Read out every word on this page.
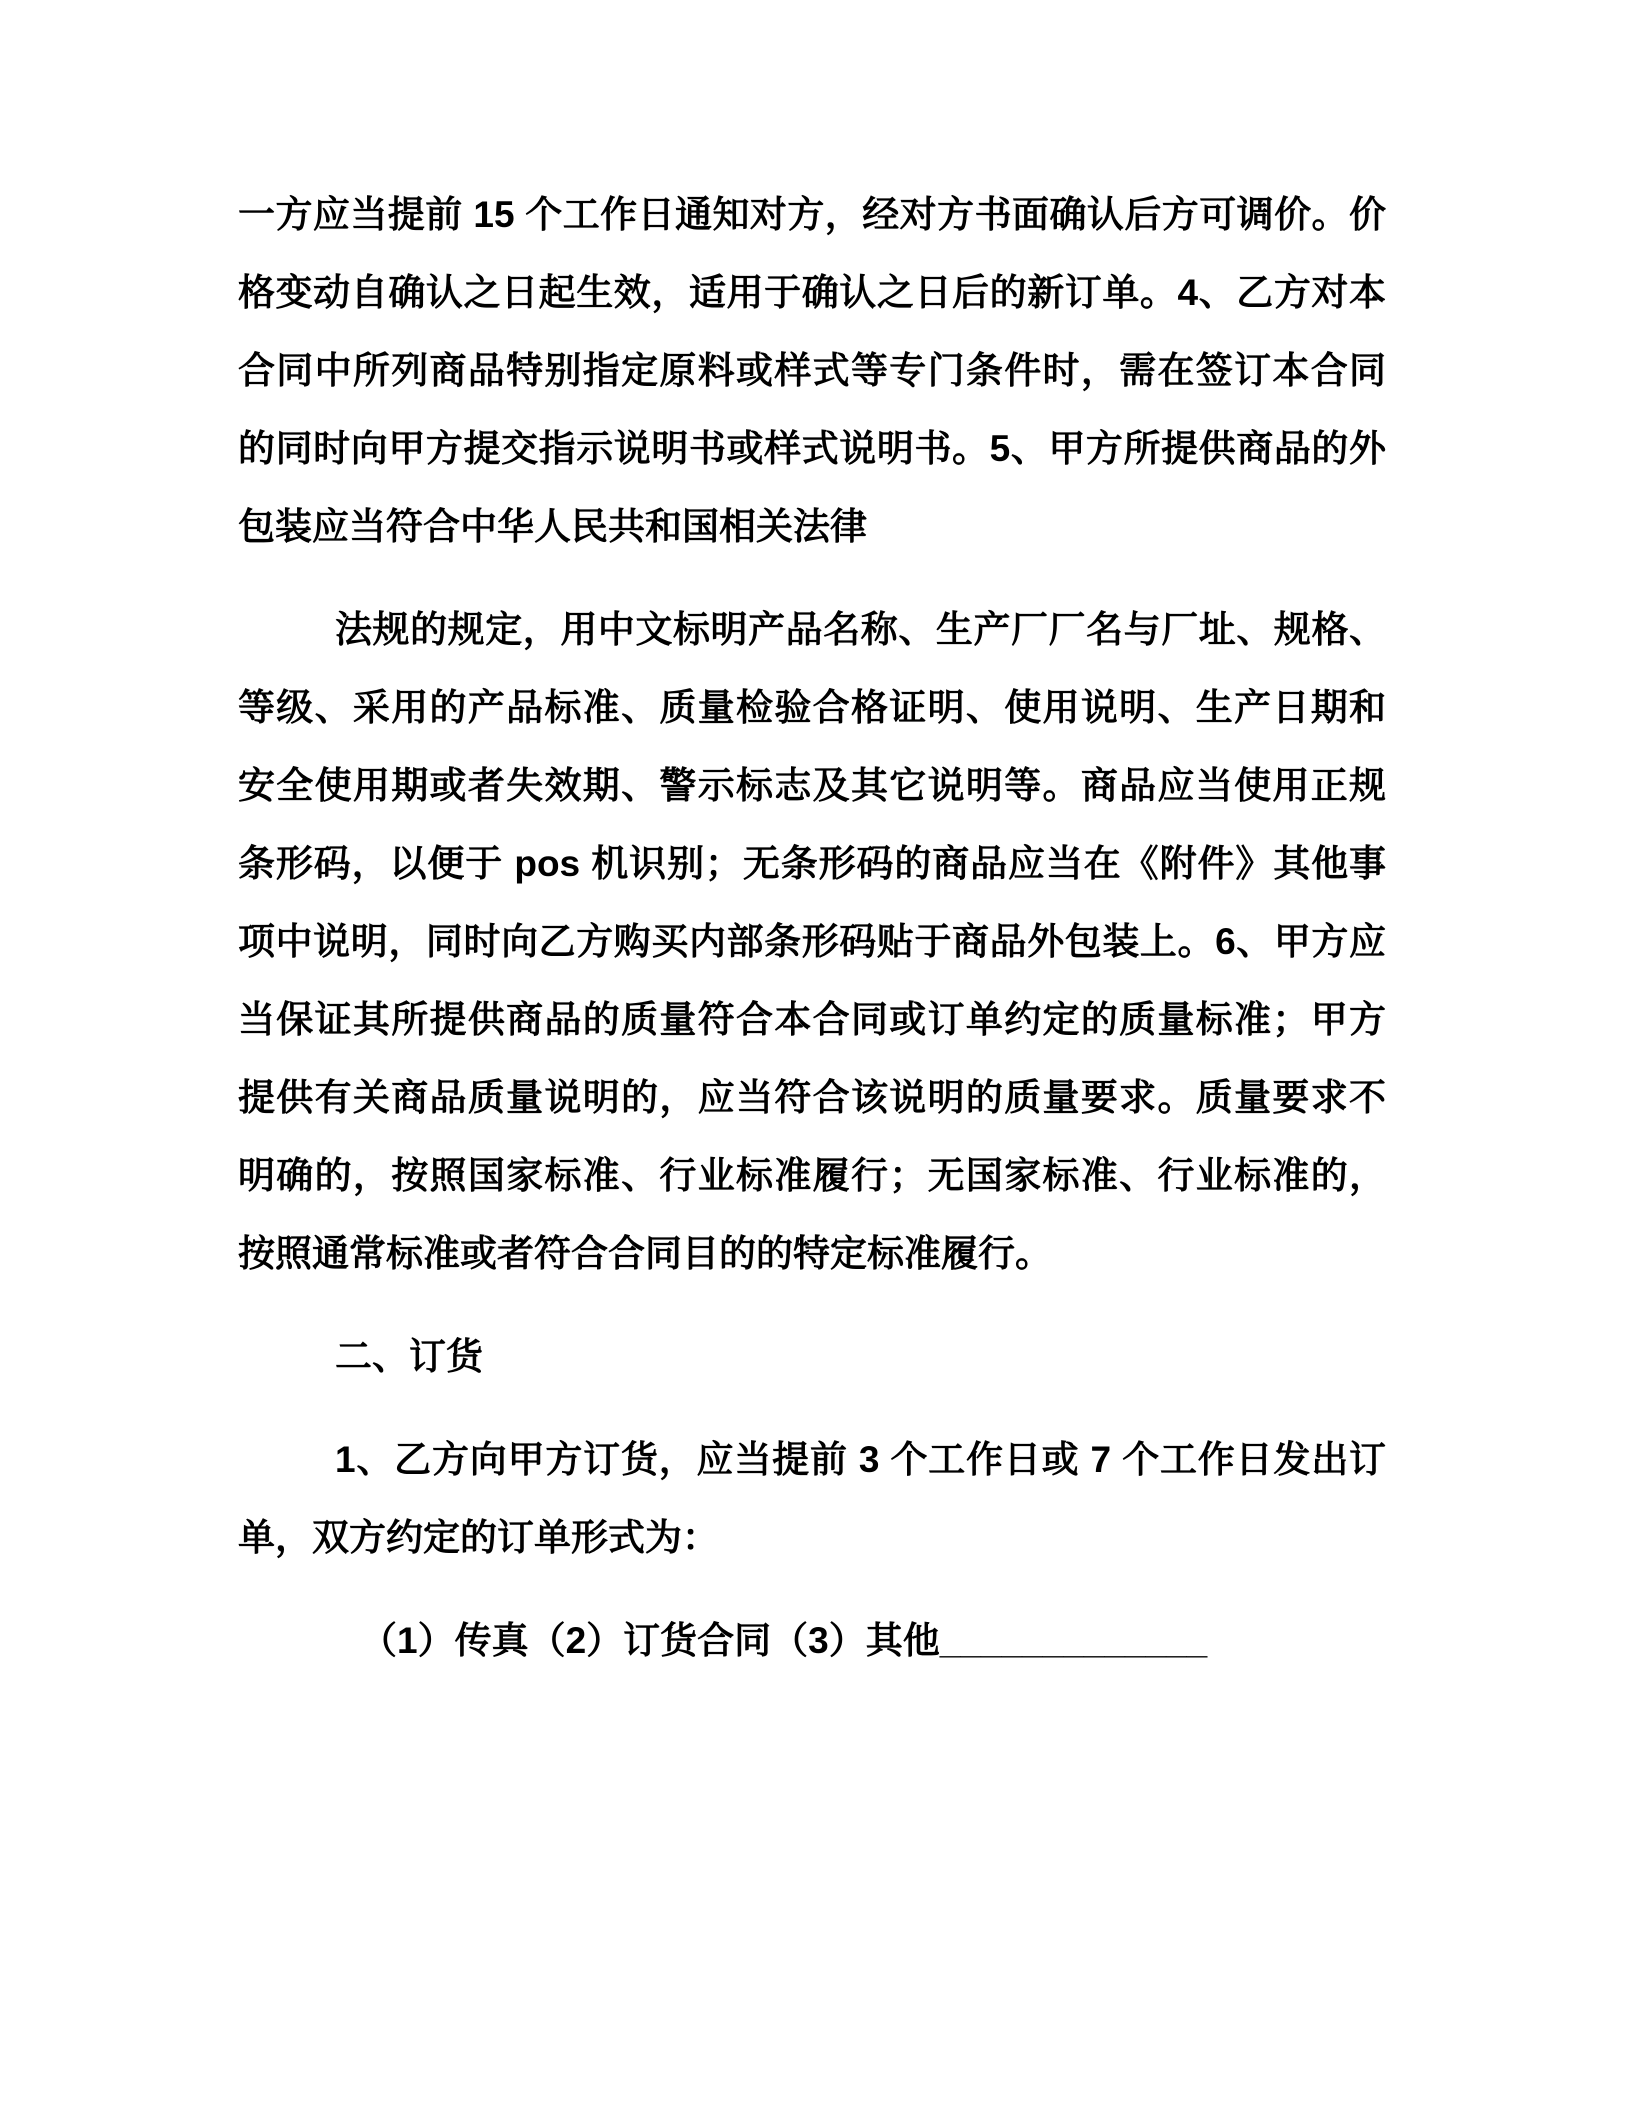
一方应当提前 15 个工作日通知对方，经对方书面确认后方可调价。价
格变动自确认之日起生效，适用于确认之日后的新订单。4、乙方对本
合同中所列商品特别指定原料或样式等专门条件时，需在签订本合同
的同时向甲方提交指示说明书或样式说明书。5、甲方所提供商品的外
包装应当符合中华人民共和国相关法律
法规的规定，用中文标明产品名称、生产厂厂名与厂址、规格、
等级、采用的产品标准、质量检验合格证明、使用说明、生产日期和
安全使用期或者失效期、警示标志及其它说明等。商品应当使用正规
条形码，以便于 pos 机识别；无条形码的商品应当在《附件》其他事
项中说明，同时向乙方购买内部条形码贴于商品外包装上。6、甲方应
当保证其所提供商品的质量符合本合同或订单约定的质量标准；甲方
提供有关商品质量说明的，应当符合该说明的质量要求。质量要求不
明确的，按照国家标准、行业标准履行；无国家标准、行业标准的，
按照通常标准或者符合合同目的的特定标准履行。
二、订货
1、乙方向甲方订货，应当提前 3 个工作日或 7 个工作日发出订
单，双方约定的订单形式为：
（1）传真（2）订货合同（3）其他_____________
